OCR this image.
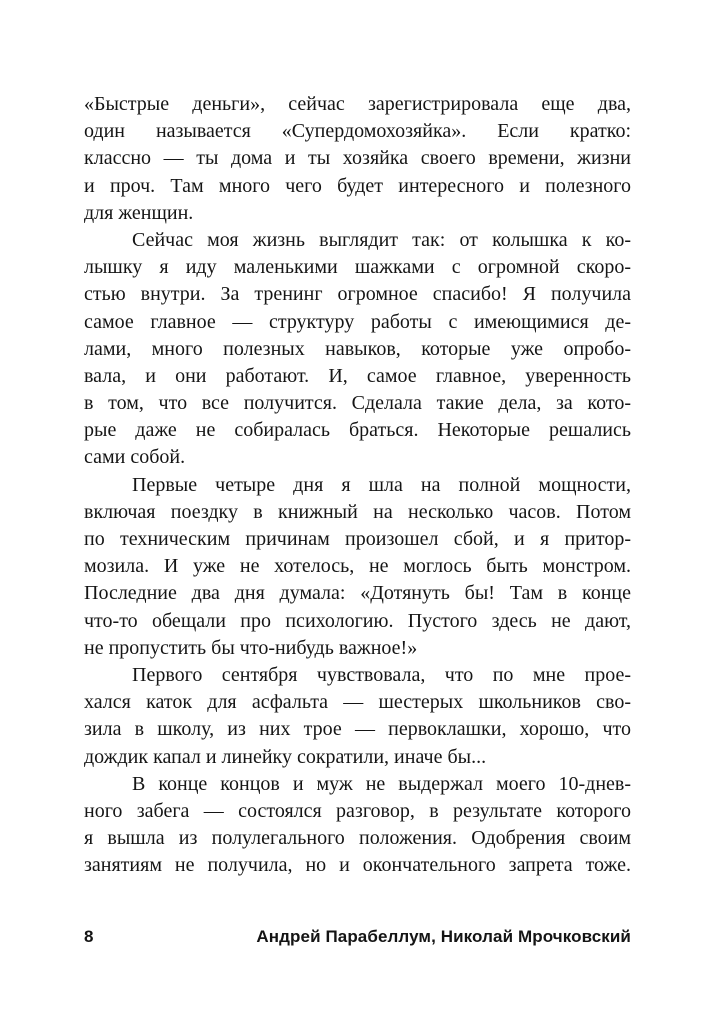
«Быстрые деньги», сейчас зарегистрировала еще два,
один называется «Супердомохозяйка». Если кратко:
классно — ты дома и ты хозяйка своего времени, жизни
и проч. Там много чего будет интересного и полезного
для женщин.
Сейчас моя жизнь выглядит так: от колышка к ко-
лышку я иду маленькими шажками с огромной скоро-
стью внутри. За тренинг огромное спасибо! Я получила
самое главное — структуру работы с имеющимися де-
лами, много полезных навыков, которые уже опробо-
вала, и они работают. И, самое главное, уверенность
в том, что все получится. Сделала такие дела, за кото-
рые даже не собиралась браться. Некоторые решались
сами собой.
Первые четыре дня я шла на полной мощности,
включая поездку в книжный на несколько часов. Потом
по техническим причинам произошел сбой, и я притор-
мозила. И уже не хотелось, не моглось быть монстром.
Последние два дня думала: «Дотянуть бы! Там в конце
что-то обещали про психологию. Пустого здесь не дают,
не пропустить бы что-нибудь важное!»
Первого сентября чувствовала, что по мне прое-
хался каток для асфальта — шестерых школьников сво-
зила в школу, из них трое — первоклашки, хорошо, что
дождик капал и линейку сократили, иначе бы...
В конце концов и муж не выдержал моего 10-днев-
ного забега — состоялся разговор, в результате которого
я вышла из полулегального положения. Одобрения своим
занятиям не получила, но и окончательного запрета тоже.
8	Андрей Парабеллум, Николай Мрочковский
